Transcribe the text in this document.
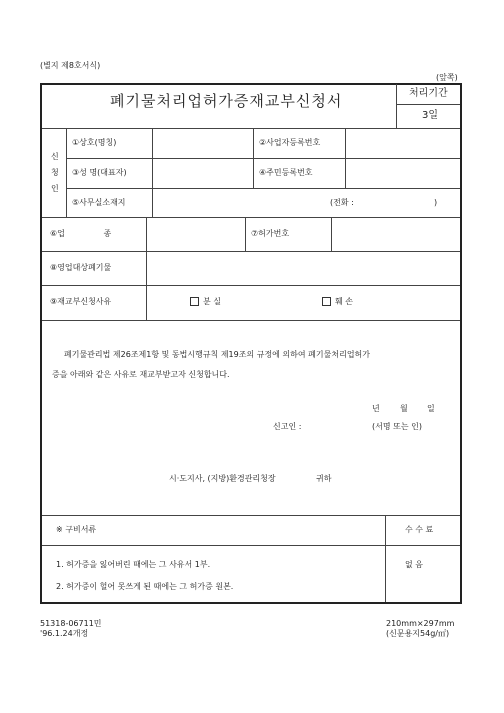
(별지 제8호서식)
(앞쪽)
폐기물처리업허가증재교부신청서	처리기간
3일
신
청
인
①상호(명칭)	②사업자등록번호
③성 명(대표자)	④주민등록번호
⑤사무실소재지	(전화 :	)
⑥업 종	⑦허가번호
⑧영업대상폐기물
⑨재교부신청사유	분 실	훼 손
폐기물관리법 제26조제1항 및 동법시행규칙 제19조의 규정에 의하여 폐기물처리업허가
증을 아래와 같은 사유로 재교부받고자 신청합니다.
년	월 일
신고인 :	(서명 또는 인)
시·도지사, (지방)환경관리청장	귀하
※ 구비서류
1. 허가증을 잃어버린 때에는 그 사유서 1부.
2. 허가증이 헐어 못쓰게 된 때에는 그 허가증 원본.
수 수 료
없 음
51318-06711민
'96.1.24개정
210mm×297mm
(신문용지54g/㎡)
